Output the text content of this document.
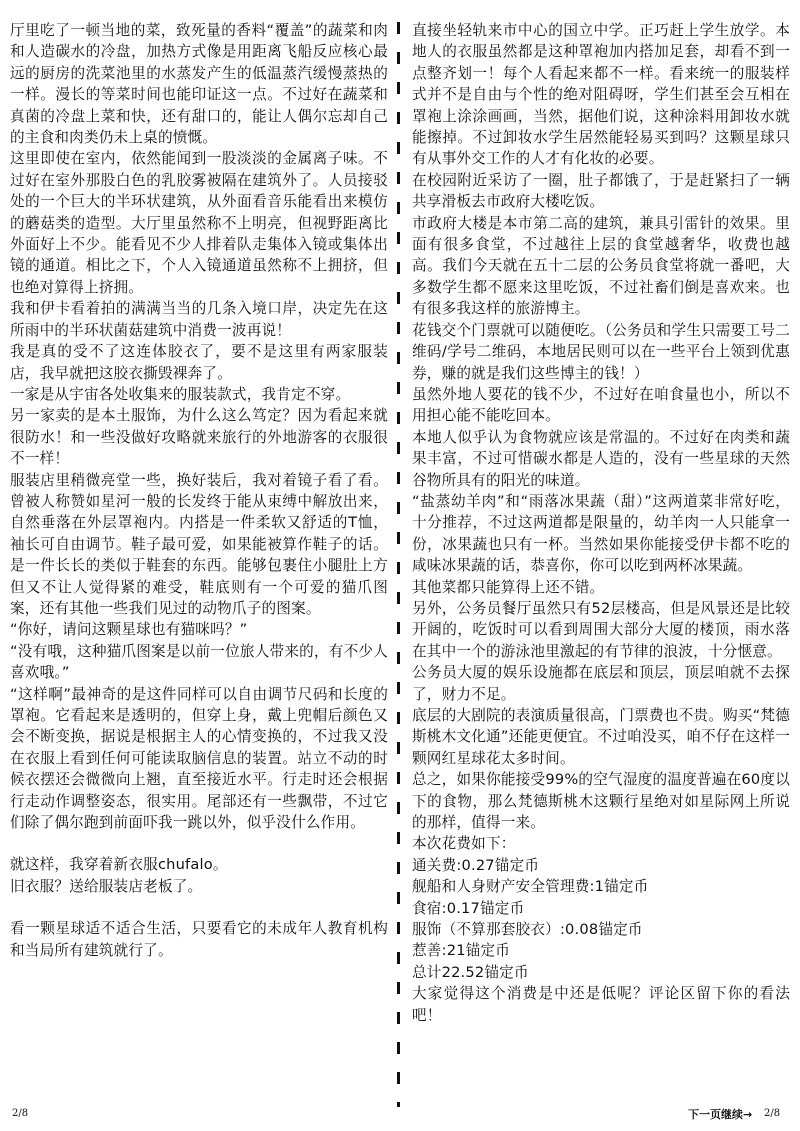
厅里吃了一顿当地的菜，致死量的香料“覆盖”的蔬菜和肉和人造碳水的冷盘，加热方式像是用距离飞船反应核心最远的厨房的洗菜池里的水蒸发产生的低温蒸汽缓慢蒸热的一样。漫长的等菜时间也能印证这一点。不过好在蔬菜和真菌的冷盘上菜和快，还有甜口的，能让人偶尔忘却自己的主食和肉类仍未上桌的愤慨。

这里即使在室内，依然能闻到一股淡淡的金属离子味。不过好在室外那股白色的乳胶雾被隔在建筑外了。人员接驳处的一个巨大的半环状建筑，从外面看音乐能看出来模仿的蘑菇类的造型。大厅里虽然称不上明亮，但视野距离比外面好上不少。能看见不少人排着队走集体入镜或集体出镜的通道。相比之下，个人入镜通道虽然称不上拥挤，但也绝对算得上挤拥。

我和伊卡看着拍的满满当当的几条入境口岸，决定先在这所雨中的半环状菌菇建筑中消费一波再说！

我是真的受不了这连体胶衣了，要不是这里有两家服装店，我早就把这胶衣撕毁裸奔了。

一家是从宇宙各处收集来的服装款式，我肯定不穿。

另一家卖的是本土服饰，为什么这么笃定？因为看起来就很防水！和一些没做好攻略就来旅行的外地游客的衣服很不一样！

服装店里稍微亮堂一些，换好装后，我对着镜子看了看。曾被人称赞如星河一般的长发终于能从束缚中解放出来，自然垂落在外层罩袍内。内搭是一件柔软又舒适的T恤，袖长可自由调节。鞋子最可爱，如果能被算作鞋子的话。是一件长长的类似于鞋套的东西。能够包裹住小腿肚上方但又不让人觉得紧的难受，鞋底则有一个可爱的猫爪图案，还有其他一些我们见过的动物爪子的图案。

“你好，请问这颗星球也有猫咪吗？”

“没有哦，这种猫爪图案是以前一位旅人带来的，有不少人喜欢哦。”

“这样啊”最神奇的是这件同样可以自由调节尺码和长度的罩袍。它看起来是透明的，但穿上身，戴上兜帽后颜色又会不断变换，据说是根据主人的心情变换的，不过我又没在衣服上看到任何可能读取脑信息的装置。站立不动的时候衣摆还会微微向上翘，直至接近水平。行走时还会根据行走动作调整姿态，很实用。尾部还有一些飘带，不过它们除了偶尔跑到前面吓我一跳以外，似乎没什么作用。

就这样，我穿着新衣服chufalo。

旧衣服？送给服装店老板了。

看一颗星球适不适合生活，只要看它的未成年人教育机构和当局所有建筑就行了。

直接坐轻轨来市中心的国立中学。正巧赶上学生放学。本地人的衣服虽然都是这种罩袍加内搭加足套，却看不到一点整齐划一！每个人看起来都不一样。看来统一的服装样式并不是自由与个性的绝对阻碍呀，学生们甚至会互相在罩袍上涂涂画画，当然，据他们说，这种涂料用卸妆水就能擦掉。不过卸妆水学生居然能轻易买到吗？这颗星球只有从事外交工作的人才有化妆的必要。

在校园附近采访了一圈，肚子都饿了，于是赶紧扫了一辆共享滑板去市政府大楼吃饭。

市政府大楼是本市第二高的建筑，兼具引雷针的效果。里面有很多食堂，不过越往上层的食堂越奢华，收费也越高。我们今天就在五十二层的公务员食堂将就一番吧，大多数学生都不愿来这里吃饭，不过社畜们倒是喜欢来。也有很多我这样的旅游博主。

花钱交个门票就可以随便吃。（公务员和学生只需要工号二维码/学号二维码，本地居民则可以在一些平台上领到优惠券，赚的就是我们这些博主的钱！）

虽然外地人要花的钱不少，不过好在咱食量也小，所以不用担心能不能吃回本。

本地人似乎认为食物就应该是常温的。不过好在肉类和蔬果丰富，不过可惜碳水都是人造的，没有一些星球的天然谷物所具有的阳光的味道。

“盐蒸幼羊肉”和“雨落冰果蔬（甜）”这两道菜非常好吃，十分推荐，不过这两道都是限量的，幼羊肉一人只能拿一份，冰果蔬也只有一杯。当然如果你能接受伊卡都不吃的咸味冰果蔬的话，恭喜你，你可以吃到两杯冰果蔬。

其他菜都只能算得上还不错。

另外，公务员餐厅虽然只有52层楼高，但是风景还是比较开阔的，吃饭时可以看到周围大部分大厦的楼顶，雨水落在其中一个的游泳池里激起的有节律的浪波，十分惬意。

公务员大厦的娱乐设施都在底层和顶层，顶层咱就不去探了，财力不足。

底层的大剧院的表演质量很高，门票费也不贵。购买“梵德斯桃木文化通”还能更便宜。不过咱没买，咱不仔在这样一颗网红星球花太多时间。

总之，如果你能接受99%的空气湿度的温度普遍在60度以下的食物，那么梵德斯桃木这颗行星绝对如星际网上所说的那样，值得一来。

本次花费如下：

通关费:0.27锚定币

舰船和人身财产安全管理费:1锚定币

食宿:0.17锚定币

服饰（不算那套胶衣）:0.08锚定币

惹善:21锚定币

总计22.52锚定币

大家觉得这个消费是中还是低呢？评论区留下你的看法吧！

2/8	下一页继续→ 2/8
